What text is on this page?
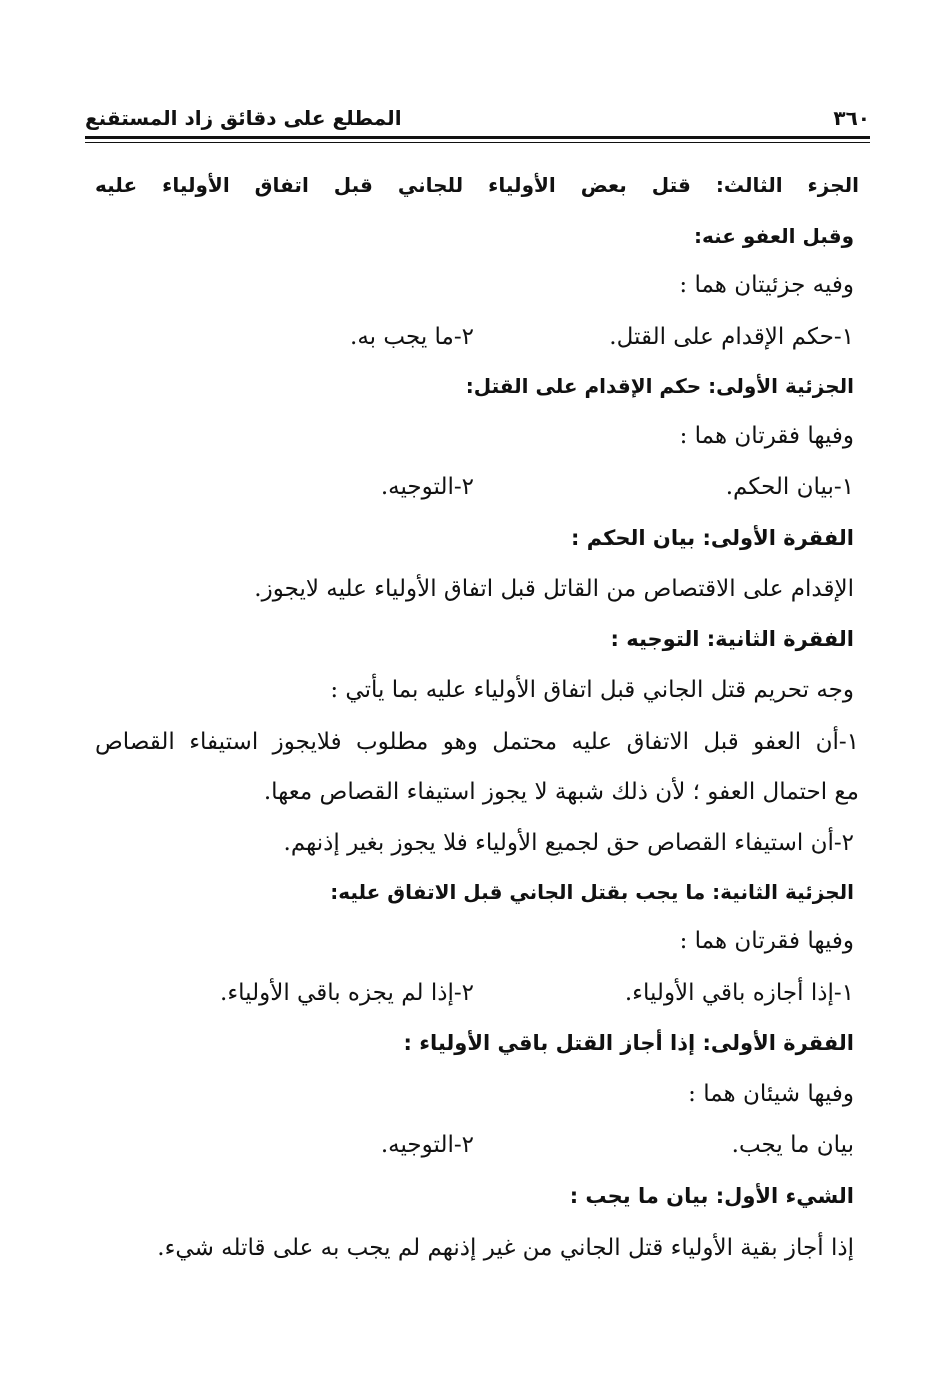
٣٦٠
المطلع على دقائق زاد المستقنع
الجزء الثالث: قتل بعض الأولياء للجاني قبل اتفاق الأولياء عليه
وقبل العفو عنه:
وفيه جزئيتان هما :
١-حكم الإقدام على القتل.
٢-ما يجب به.
الجزئية الأولى: حكم الإقدام على القتل:
وفيها فقرتان هما :
١-بيان الحكم.
٢-التوجيه.
الفقرة الأولى: بيان الحكم :
الإقدام على الاقتصاص من القاتل قبل اتفاق الأولياء عليه لايجوز.
الفقرة الثانية: التوجيه :
وجه تحريم قتل الجاني قبل اتفاق الأولياء عليه بما يأتي :
١-أن العفو قبل الاتفاق عليه محتمل وهو مطلوب فلايجوز استيفاء القصاص
مع احتمال العفو ؛ لأن ذلك شبهة لا يجوز استيفاء القصاص معها.
٢-أن استيفاء القصاص حق لجميع الأولياء فلا يجوز بغير إذنهم.
الجزئية الثانية: ما يجب بقتل الجاني قبل الاتفاق عليه:
وفيها فقرتان هما :
١-إذا أجازه باقي الأولياء.
٢-إذا لم يجزه باقي الأولياء.
الفقرة الأولى: إذا أجاز القتل باقي الأولياء :
وفيها شيئان هما :
بيان ما يجب.
٢-التوجيه.
الشيء الأول: بيان ما يجب :
إذا أجاز بقية الأولياء قتل الجاني من غير إذنهم لم يجب به على قاتله شيء.
